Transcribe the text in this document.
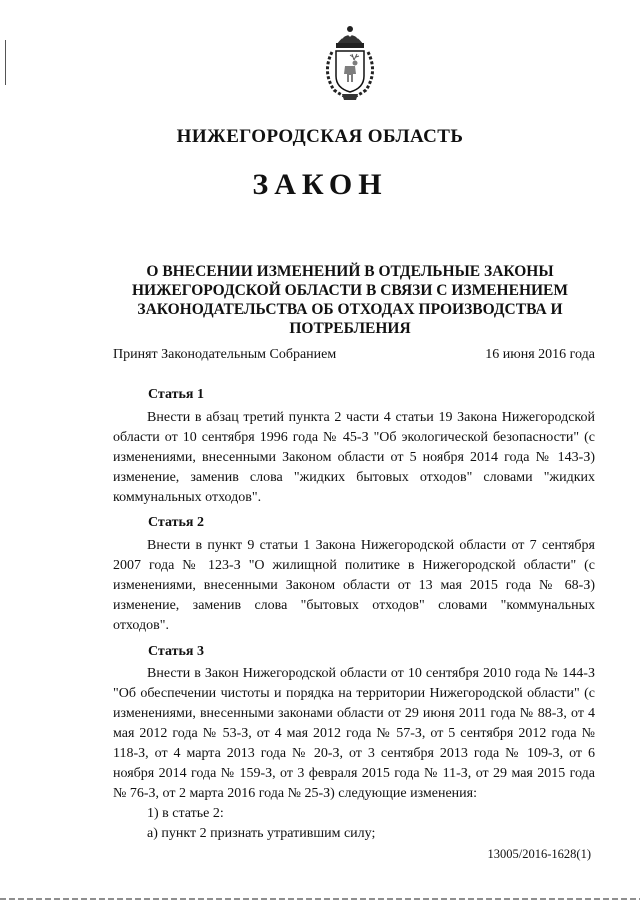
НИЖЕГОРОДСКАЯ ОБЛАСТЬ
ЗАКОН
О ВНЕСЕНИИ ИЗМЕНЕНИЙ В ОТДЕЛЬНЫЕ ЗАКОНЫ НИЖЕГОРОДСКОЙ ОБЛАСТИ В СВЯЗИ С ИЗМЕНЕНИЕМ ЗАКОНОДАТЕЛЬСТВА ОБ ОТХОДАХ ПРОИЗВОДСТВА И ПОТРЕБЛЕНИЯ
Принят Законодательным Собранием	16 июня 2016 года
Статья 1

Внести в абзац третий пункта 2 части 4 статьи 19 Закона Нижегородской области от 10 сентября 1996 года № 45-З "Об экологической безопасности" (с изменениями, внесенными Законом области от 5 ноября 2014 года № 143-З) изменение, заменив слова "жидких бытовых отходов" словами "жидких коммунальных отходов".

Статья 2

Внести в пункт 9 статьи 1 Закона Нижегородской области от 7 сентября 2007 года № 123-З "О жилищной политике в Нижегородской области" (с изменениями, внесенными Законом области от 13 мая 2015 года № 68-З) изменение, заменив слова "бытовых отходов" словами "коммунальных отходов".

Статья 3

Внести в Закон Нижегородской области от 10 сентября 2010 года № 144-З "Об обеспечении чистоты и порядка на территории Нижегородской области" (с изменениями, внесенными законами области от 29 июня 2011 года № 88-З, от 4 мая 2012 года № 53-З, от 4 мая 2012 года № 57-З, от 5 сентября 2012 года № 118-З, от 4 марта 2013 года № 20-З, от 3 сентября 2013 года № 109-З, от 6 ноября 2014 года № 159-З, от 3 февраля 2015 года № 11-З, от 29 мая 2015 года № 76-З, от 2 марта 2016 года № 25-З) следующие изменения:

1) в статье 2:
а) пункт 2 признать утратившим силу;
13005/2016-1628(1)
